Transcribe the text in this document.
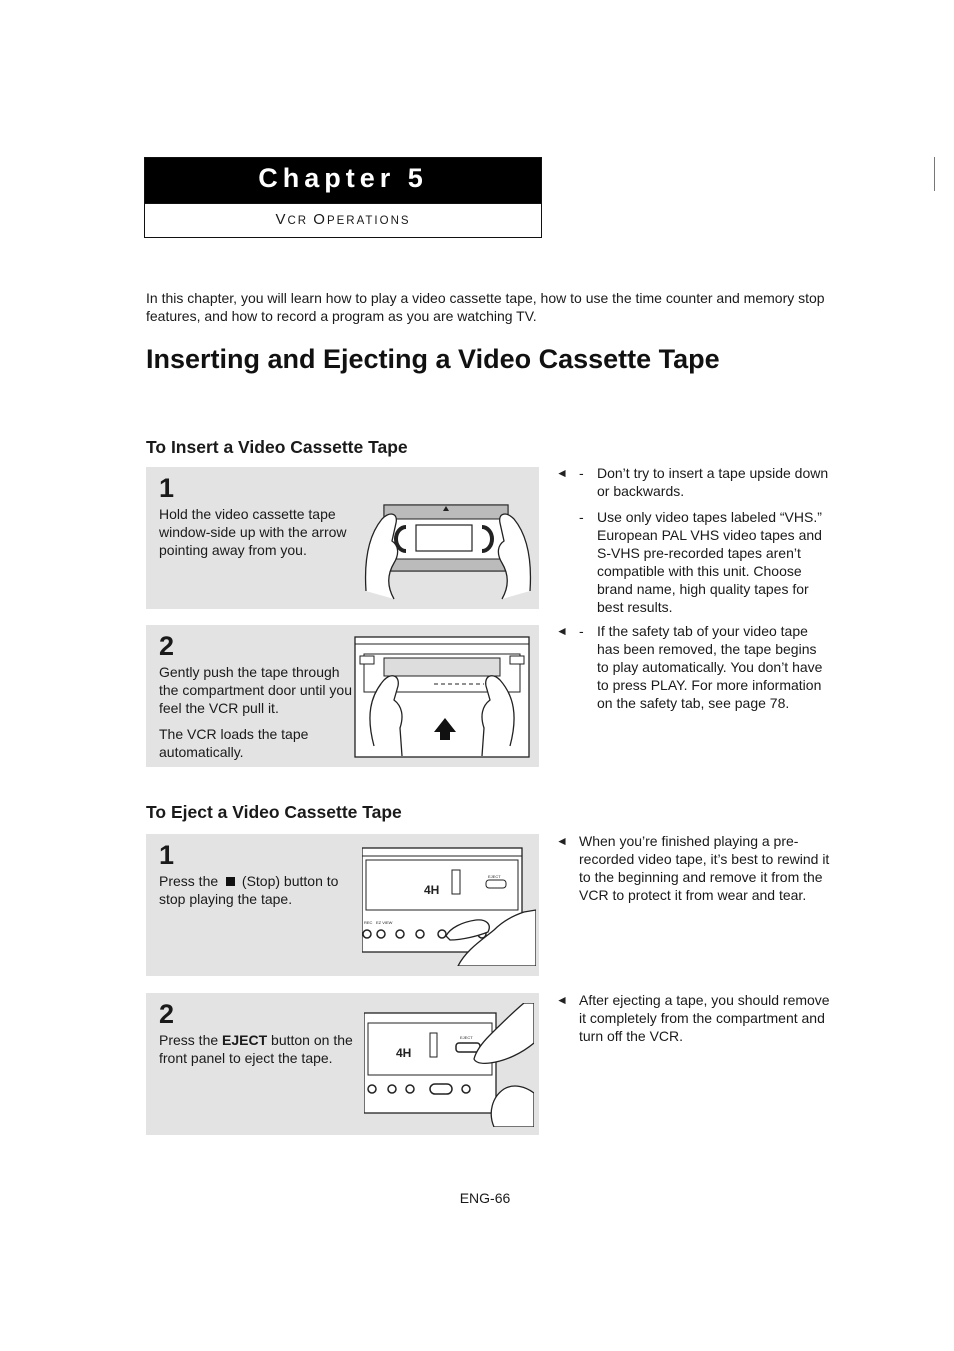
Chapter 5
VCR OPERATIONS
In this chapter, you will learn how to play a video cassette tape, how to use the time counter and memory stop features, and how to record a program as you are watching TV.
Inserting and Ejecting a Video Cassette Tape
To Insert a Video Cassette Tape
1
Hold the video cassette tape window-side up with the arrow pointing away from you.
2

Gently push the tape through the compartment door until you feel the VCR pull it.

The VCR loads the tape automatically.

◄ - Don’t try to insert a tape upside down or backwards.
- Use only video tapes labeled “VHS.” European PAL VHS video tapes and S-VHS pre-recorded tapes aren’t compatible with this unit. Choose brand name, high quality tapes for best results.
◄ - If the safety tab of your video tape has been removed, the tape begins to play automatically. You don’t have to press PLAY. For more information on the safety tab, see page 78.
To Eject a Video Cassette Tape
1
Press the (Stop) button to stop playing the tape.
4H
EJECT
REC EZ VIEW
2
Press the EJECT button on the front panel to eject the tape.	4H
EJECT
◄ When you’re finished playing a pre-recorded video tape, it’s best to rewind it to the beginning and remove it from the VCR to protect it from wear and tear.
◄ After ejecting a tape, you should remove it completely from the compartment and turn off the VCR.
ENG-66
